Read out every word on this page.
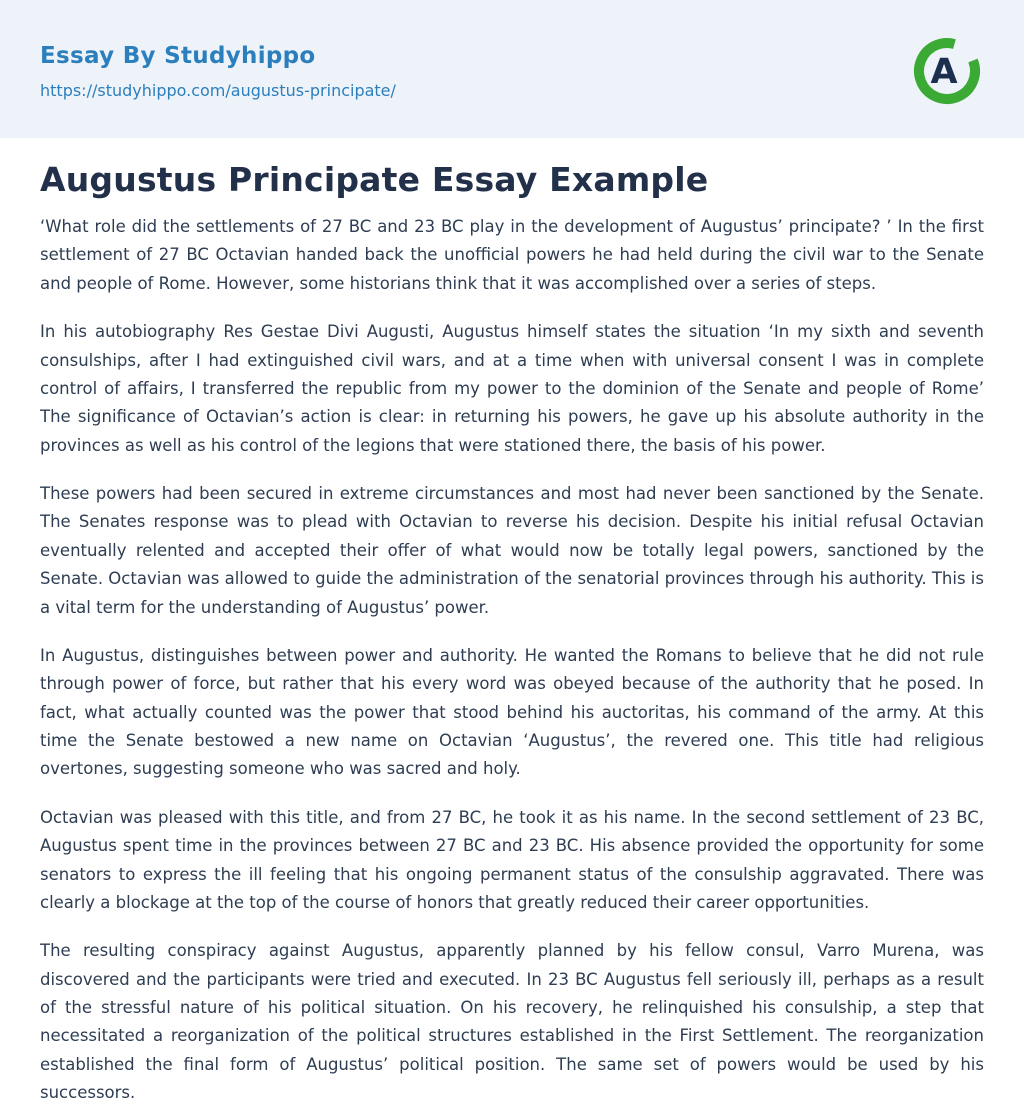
Essay By Studyhippo
https://studyhippo.com/augustus-principate/	A
Augustus Principate Essay Example

‘What role did the settlements of 27 BC and 23 BC play in the development of Augustus’ principate? ’ In the first settlement of 27 BC Octavian handed back the unofficial powers he had held during the civil war to the Senate and people of Rome. However, some historians think that it was accomplished over a series of steps.

In his autobiography Res Gestae Divi Augusti, Augustus himself states the situation ‘In my sixth and seventh consulships, after I had extinguished civil wars, and at a time when with universal consent I was in complete control of affairs, I transferred the republic from my power to the dominion of the Senate and people of Rome’ The significance of Octavian’s action is clear: in returning his powers, he gave up his absolute authority in the provinces as well as his control of the legions that were stationed there, the basis of his power.

These powers had been secured in extreme circumstances and most had never been sanctioned by the Senate. The Senates response was to plead with Octavian to reverse his decision. Despite his initial refusal Octavian eventually relented and accepted their offer of what would now be totally legal powers, sanctioned by the Senate. Octavian was allowed to guide the administration of the senatorial provinces through his authority. This is a vital term for the understanding of Augustus’ power.

In Augustus, distinguishes between power and authority. He wanted the Romans to believe that he did not rule through power of force, but rather that his every word was obeyed because of the authority that he posed. In fact, what actually counted was the power that stood behind his auctoritas, his command of the army. At this time the Senate bestowed a new name on Octavian ‘Augustus’, the revered one. This title had religious overtones, suggesting someone who was sacred and holy.

Octavian was pleased with this title, and from 27 BC, he took it as his name. In the second settlement of 23 BC, Augustus spent time in the provinces between 27 BC and 23 BC. His absence provided the opportunity for some senators to express the ill feeling that his ongoing permanent status of the consulship aggravated. There was clearly a blockage at the top of the course of honors that greatly reduced their career opportunities.

The resulting conspiracy against Augustus, apparently planned by his fellow consul, Varro Murena, was discovered and the participants were tried and executed. In 23 BC Augustus fell seriously ill, perhaps as a result of the stressful nature of his political situation. On his recovery, he relinquished his consulship, a step that necessitated a reorganization of the political structures established in the First Settlement. The reorganization established the final form of Augustus’ political position. The same set of powers would be used by his successors.
